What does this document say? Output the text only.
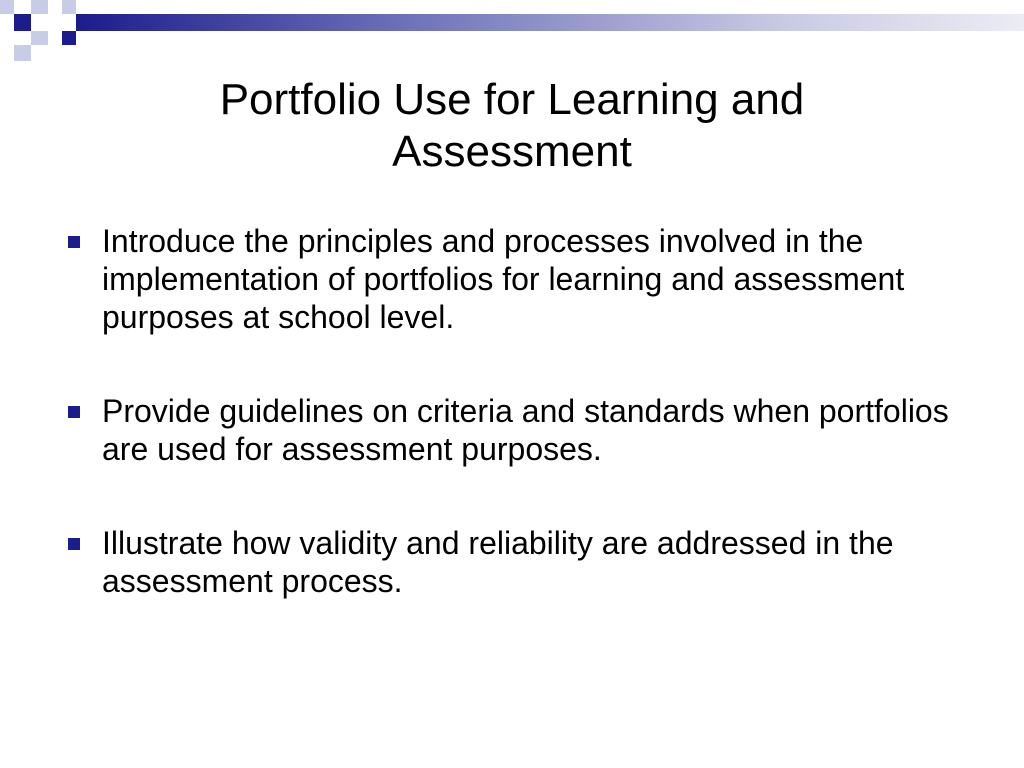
Portfolio Use for Learning and Assessment
Introduce the principles and processes involved in the implementation of portfolios for learning and assessment purposes at school level.
Provide guidelines on criteria and standards when portfolios are used for assessment purposes.
Illustrate how validity and reliability are addressed in the assessment process.
